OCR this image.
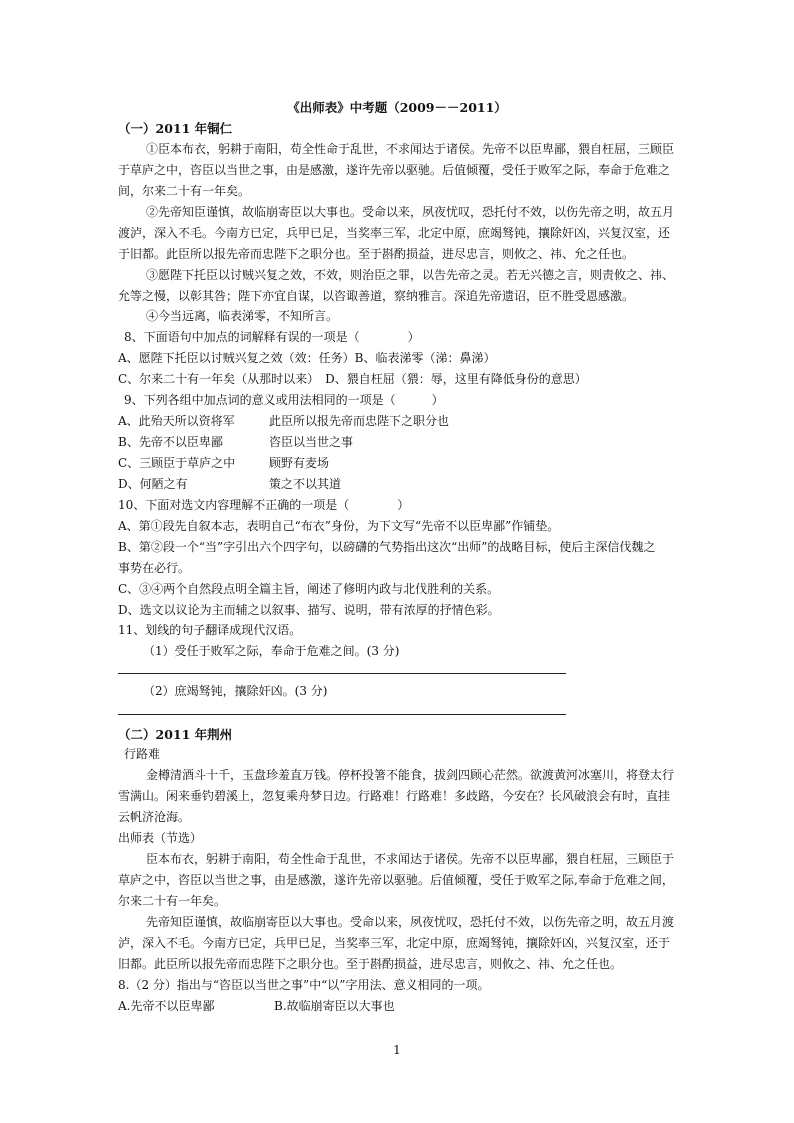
《出师表》中考题（2009－－2011）
（一）2011 年铜仁
①臣本布衣，躬耕于南阳，苟全性命于乱世，不求闻达于诸侯。先帝不以臣卑鄙，猥自枉屈，三顾臣
于草庐之中，咨臣以当世之事，由是感激，遂许先帝以驱驰。后值倾覆，受任于败军之际，奉命于危难之
间，尔来二十有一年矣。
②先帝知臣谨慎，故临崩寄臣以大事也。受命以来，夙夜忧叹，恐托付不效，以伤先帝之明，故五月
渡泸，深入不毛。今南方已定，兵甲已足，当奖率三军，北定中原，庶竭驽钝，攘除奸凶，兴复汉室，还
于旧都。此臣所以报先帝而忠陛下之职分也。至于斟酌损益，进尽忠言，则攸之、祎、允之任也。
③愿陛下托臣以讨贼兴复之效，不效，则治臣之罪，以告先帝之灵。若无兴德之言，则责攸之、祎、
允等之慢，以彰其咎；陛下亦宜自谋，以咨诹善道，察纳雅言。深追先帝遗诏，臣不胜受恩感激。
④今当远离，临表涕零，不知所言。
8、下面语句中加点的词解释有误的一项是（　　　　）
A、愿陛下托臣以讨贼兴复之效（效：任务）B、临表涕零（涕：鼻涕）
C、尔来二十有一年矣（从那时以来）　D、猥自枉屈（猥：辱，这里有降低身份的意思）
9、下列各组中加点词的意义或用法相同的一项是（　　　）
A、此殆天所以资将军	此臣所以报先帝而忠陛下之职分也
B、先帝不以臣卑鄙	咨臣以当世之事
C、三顾臣于草庐之中	顾野有麦场
D、何陋之有	策之不以其道
10、下面对选文内容理解不正确的一项是（　　　　）
A、第①段先自叙本志，表明自己“布衣”身份，为下文写“先帝不以臣卑鄙”作铺垫。
B、第②段一个“当”字引出六个四字句，以磅礴的气势指出这次“出师”的战略目标，使后主深信伐魏之
事势在必行。
C、③④两个自然段点明全篇主旨，阐述了修明内政与北伐胜利的关系。
D、选文以议论为主而辅之以叙事、描写、说明，带有浓厚的抒情色彩。
11、划线的句子翻译成现代汉语。
（1）受任于败军之际，奉命于危难之间。(3 分)
（2）庶竭驽钝，攘除奸凶。(3 分)
（二）2011 年荆州
行路难
金樽清酒斗十千，玉盘珍羞直万钱。停杯投箸不能食，拔剑四顾心茫然。欲渡黄河冰塞川，将登太行
雪满山。闲来垂钓碧溪上，忽复乘舟梦日边。行路难！行路难！多歧路，今安在？长风破浪会有时，直挂
云帆济沧海。
出师表（节选）
臣本布衣，躬耕于南阳，苟全性命于乱世，不求闻达于诸侯。先帝不以臣卑鄙，猥自枉屈，三顾臣于
草庐之中，咨臣以当世之事，由是感激，遂许先帝以驱驰。后值倾覆，受任于败军之际,奉命于危难之间，
尔来二十有一年矣。
先帝知臣谨慎，故临崩寄臣以大事也。受命以来，夙夜忧叹，恐托付不效，以伤先帝之明，故五月渡
泸，深入不毛。今南方已定，兵甲已足，当奖率三军，北定中原，庶竭驽钝，攘除奸凶，兴复汉室，还于
旧都。此臣所以报先帝而忠陛下之职分也。至于斟酌损益，进尽忠言，则攸之、祎、允之任也。
8.（2 分）指出与“咨臣以当世之事”中“以”字用法、意义相同的一项。
A.先帝不以臣卑鄙	B.故临崩寄臣以大事也
1
